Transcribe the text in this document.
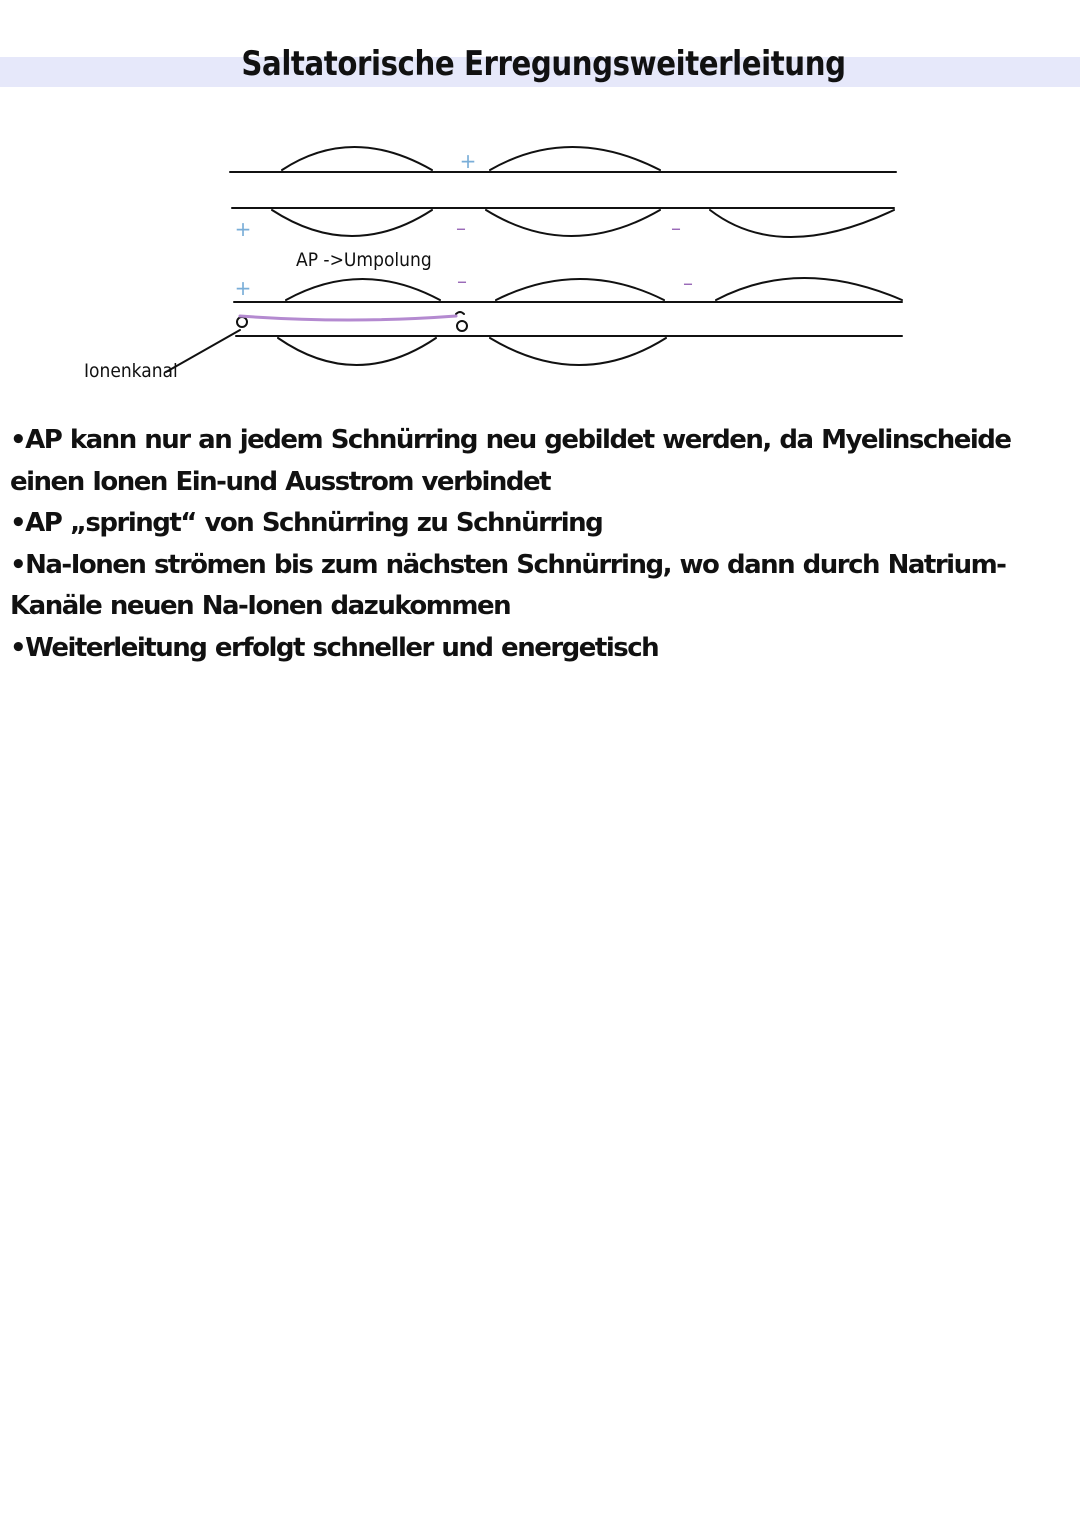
Saltatorische Erregungsweiterleitung
+
+
+
–	–
–	–
AP ->Umpolung
Ionenkanal
•AP kann nur an jedem Schnürring neu gebildet werden, da Myelinscheide einen Ionen Ein-und Ausstrom verbindet
•AP „springt“ von Schnürring zu Schnürring
•Na-Ionen strömen bis zum nächsten Schnürring, wo dann durch Natrium-Kanäle neuen Na-Ionen dazukommen
•Weiterleitung erfolgt schneller und energetisch
